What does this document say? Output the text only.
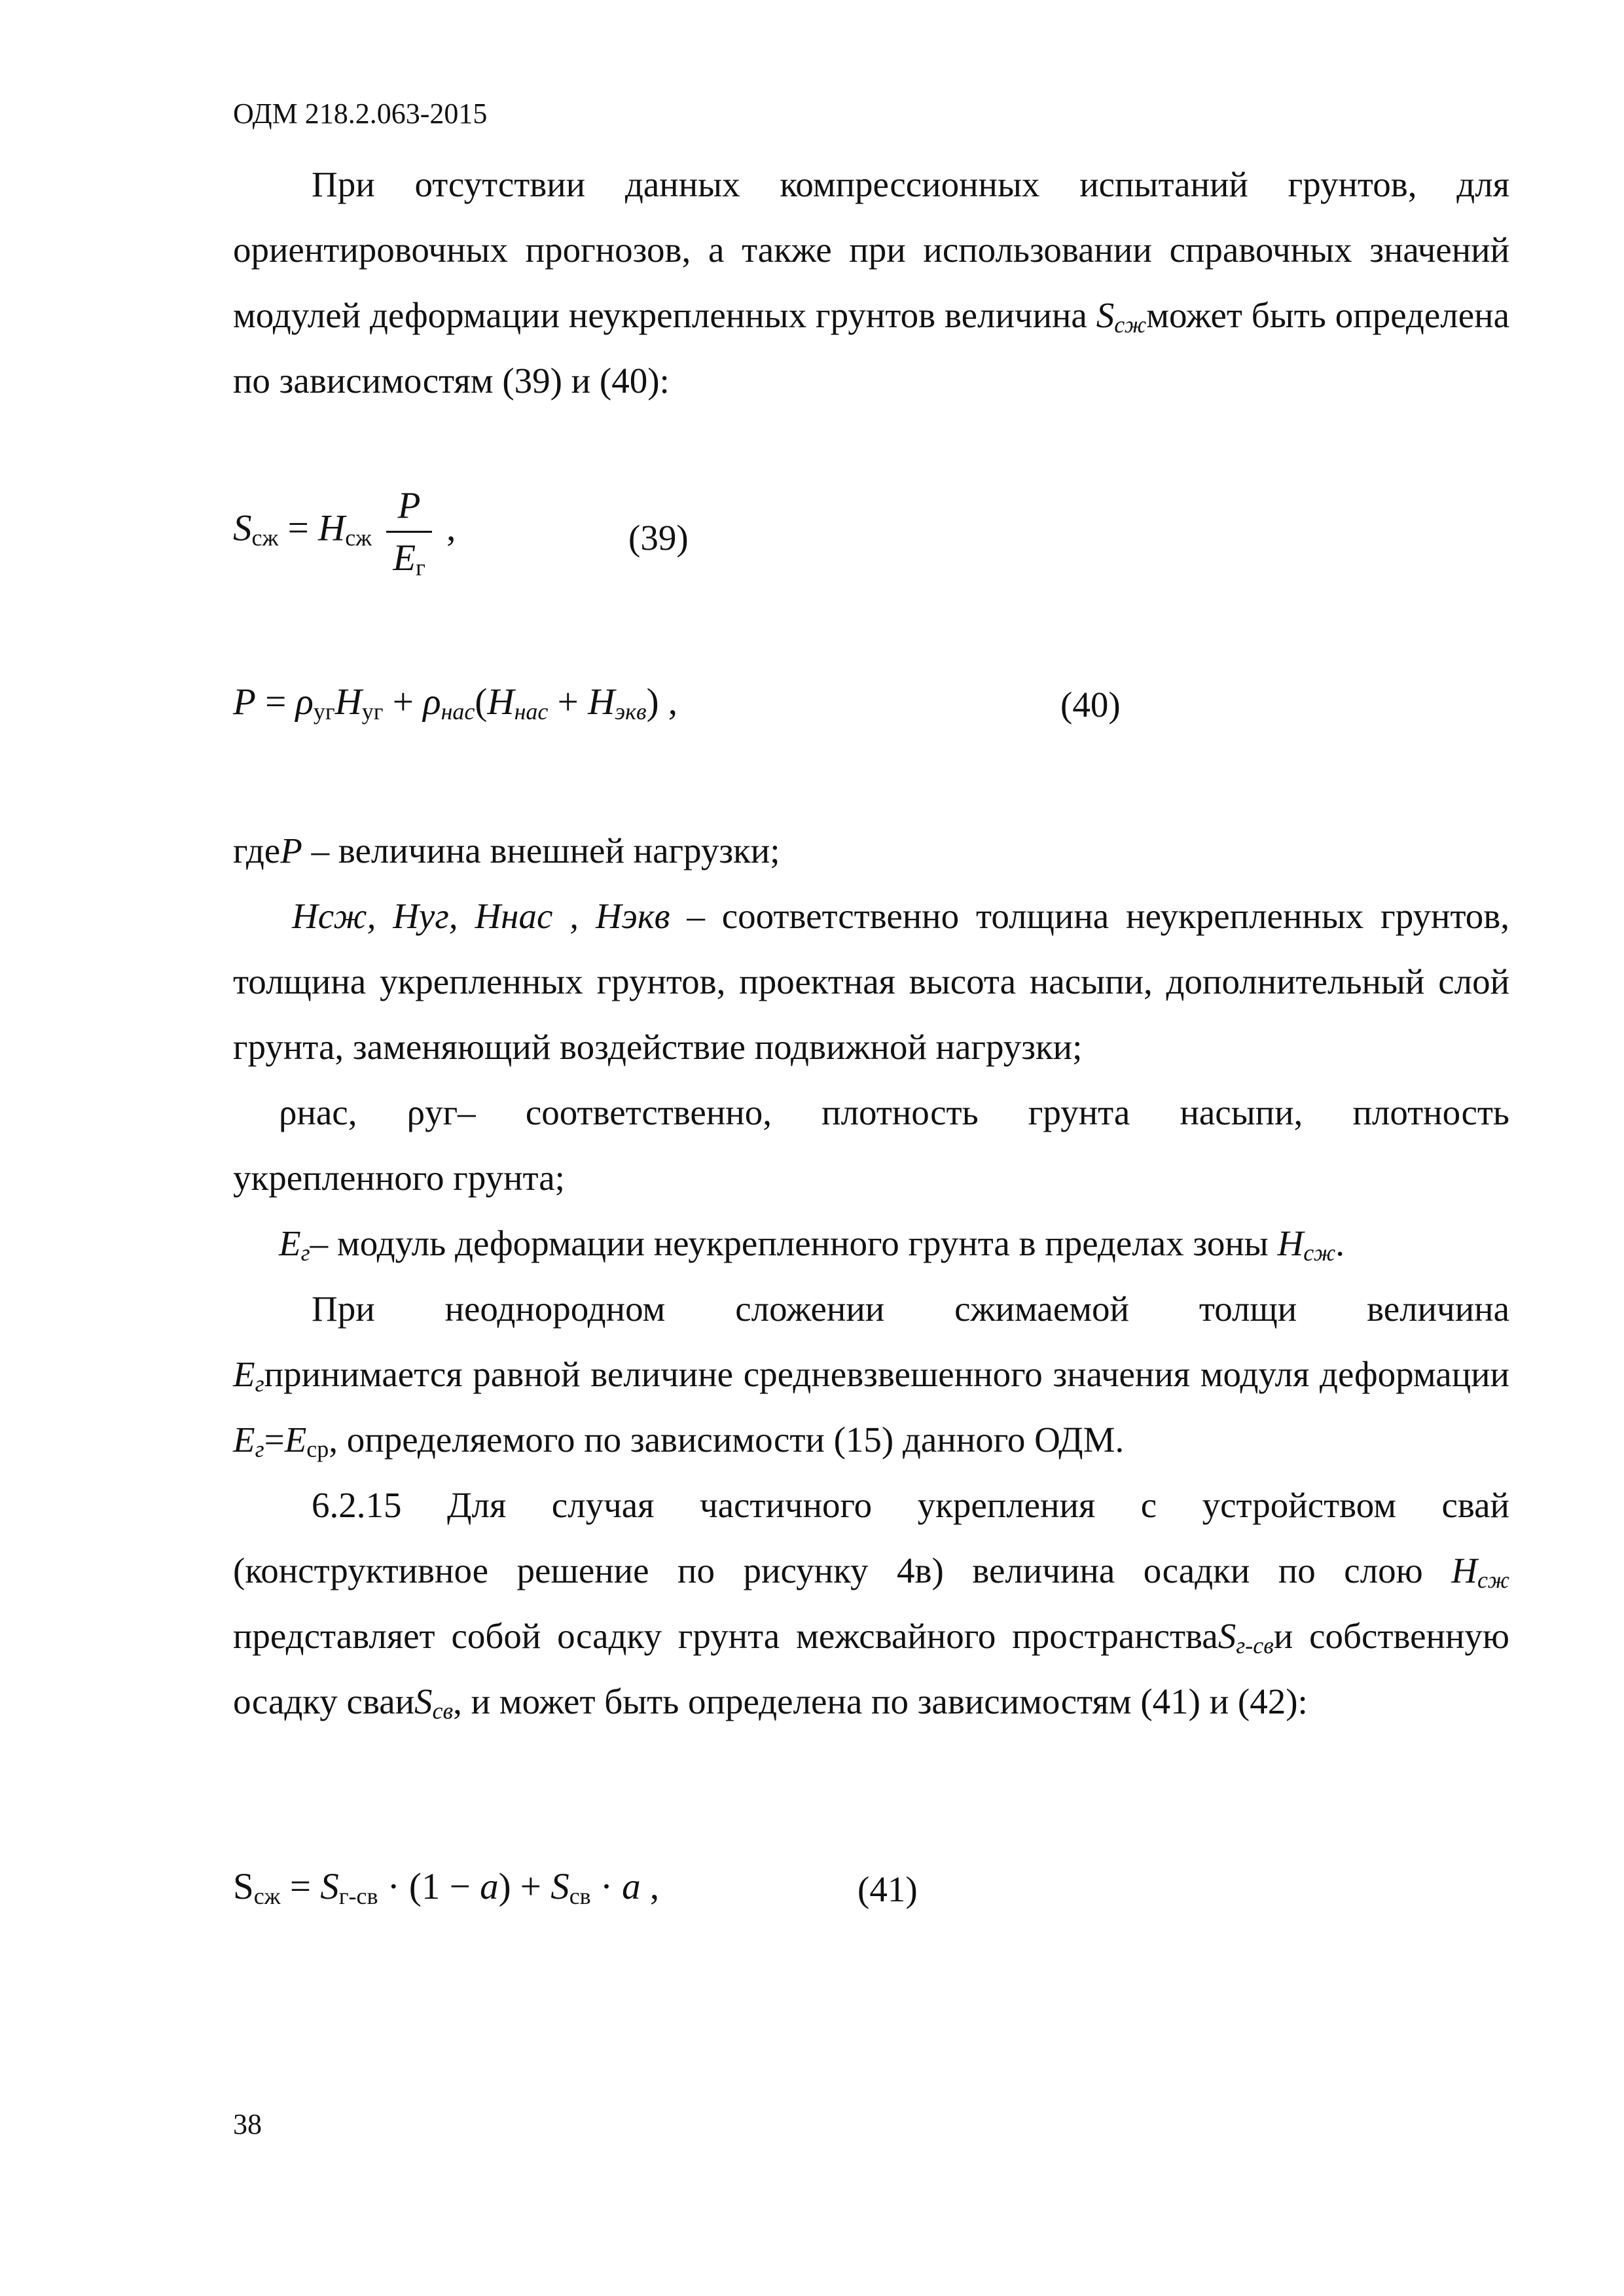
ОДМ 218.2.063-2015

При отсутствии данных компрессионных испытаний грунтов, для ориентировочных прогнозов, а также при использовании справочных значений модулей деформации неукрепленных грунтов величина $S_{сж}может$ быть определена по зависимостям (39) и (40):

$S_{сж} = H_{сж} \frac{P}{E_г}$ ,	(39)
$P = \rho_{уг}H_{уг} + \rho_{нас}(H_{нас} + H_{экв})$ ,	(40)

гдеP – величина внешней нагрузки;

Hсж, Hуг, Hнас , Hэкв – соответственно толщина неукрепленных грунтов, толщина укрепленных грунтов, проектная высота насыпи, дополнительный слой грунта, заменяющий воздействие подвижной нагрузки;

ρнас, ρуг– соответственно, плотность грунта насыпи, плотность

укрепленного грунта;

$E_г-$ модуль деформации неукрепленного грунта в пределах зоны $H_{сж}$.

При неоднородном сложении сжимаемой толщи величина

$E_гпринимается$ равной величине средневзвешенного значения модуля деформации $E_г=E_{ср}$, определяемого по зависимости (15) данного ОДМ.

6.2.15 Для случая частичного укрепления с устройством свай (конструктивное решение по рисунку 4в) величина осадки по слою $H_{сж}$ представляет собой осадку грунта межсвайного пространстваS$_{г-св}$и собственную осадку сваиS$_{св}$, и может быть определена по зависимостям (41) и (42):

$S_{сж} = S_{г-св} \cdot (1 - a) + S_{св} \cdot a$ ,	(41)
38
